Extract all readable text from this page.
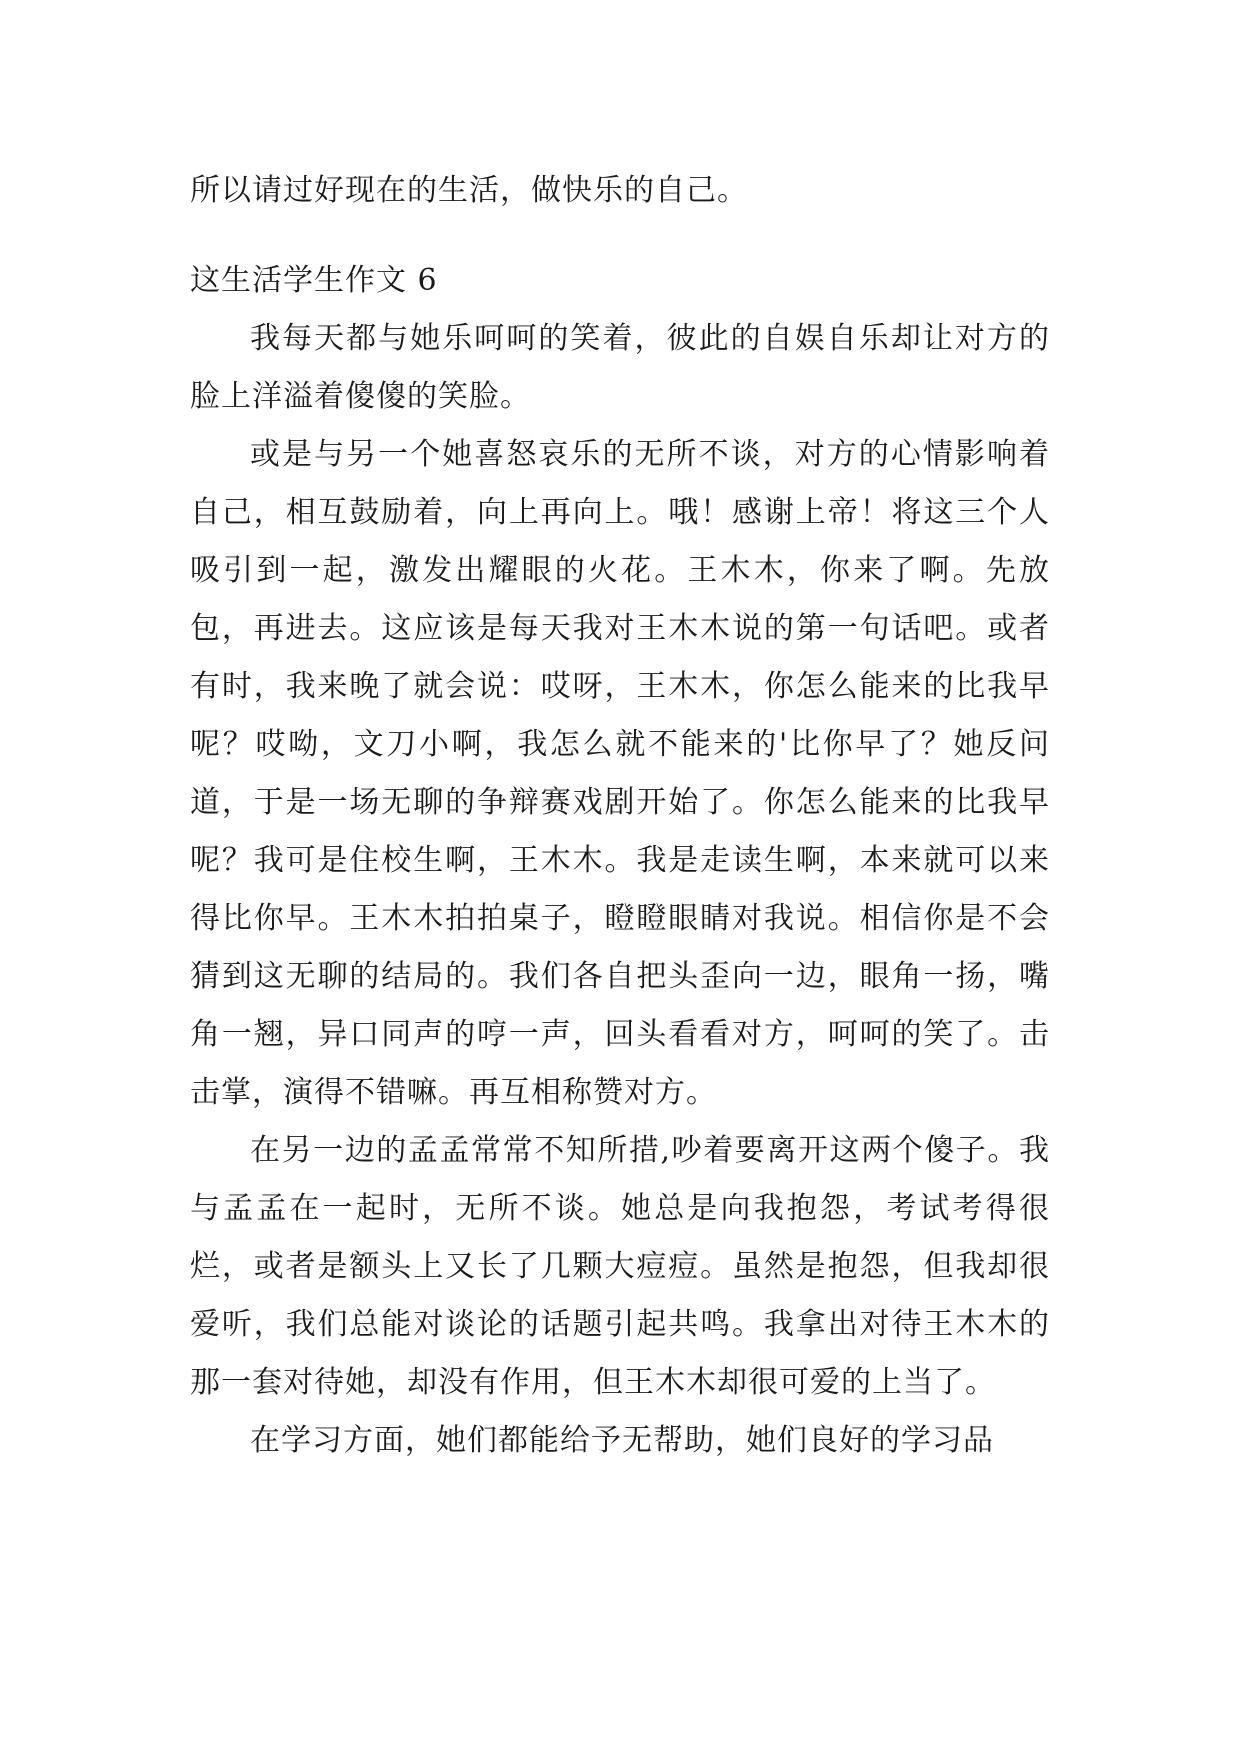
所以请过好现在的生活，做快乐的自己。

这生活学生作文 6

我每天都与她乐呵呵的笑着，彼此的自娱自乐却让对方的脸上洋溢着傻傻的笑脸。

或是与另一个她喜怒哀乐的无所不谈，对方的心情影响着自己，相互鼓励着，向上再向上。哦！感谢上帝！将这三个人吸引到一起，激发出耀眼的火花。王木木，你来了啊。先放包，再进去。这应该是每天我对王木木说的第一句话吧。或者有时，我来晚了就会说：哎呀，王木木，你怎么能来的比我早呢？哎呦，文刀小啊，我怎么就不能来的'比你早了？她反问道，于是一场无聊的争辩赛戏剧开始了。你怎么能来的比我早呢？我可是住校生啊，王木木。我是走读生啊，本来就可以来得比你早。王木木拍拍桌子，瞪瞪眼睛对我说。相信你是不会猜到这无聊的结局的。我们各自把头歪向一边，眼角一扬，嘴角一翘，异口同声的哼一声，回头看看对方，呵呵的笑了。击击掌，演得不错嘛。再互相称赞对方。

在另一边的孟孟常常不知所措,吵着要离开这两个傻子。我与孟孟在一起时，无所不谈。她总是向我抱怨，考试考得很烂，或者是额头上又长了几颗大痘痘。虽然是抱怨，但我却很爱听，我们总能对谈论的话题引起共鸣。我拿出对待王木木的那一套对待她，却没有作用，但王木木却很可爱的上当了。

在学习方面，她们都能给予无帮助，她们良好的学习品
